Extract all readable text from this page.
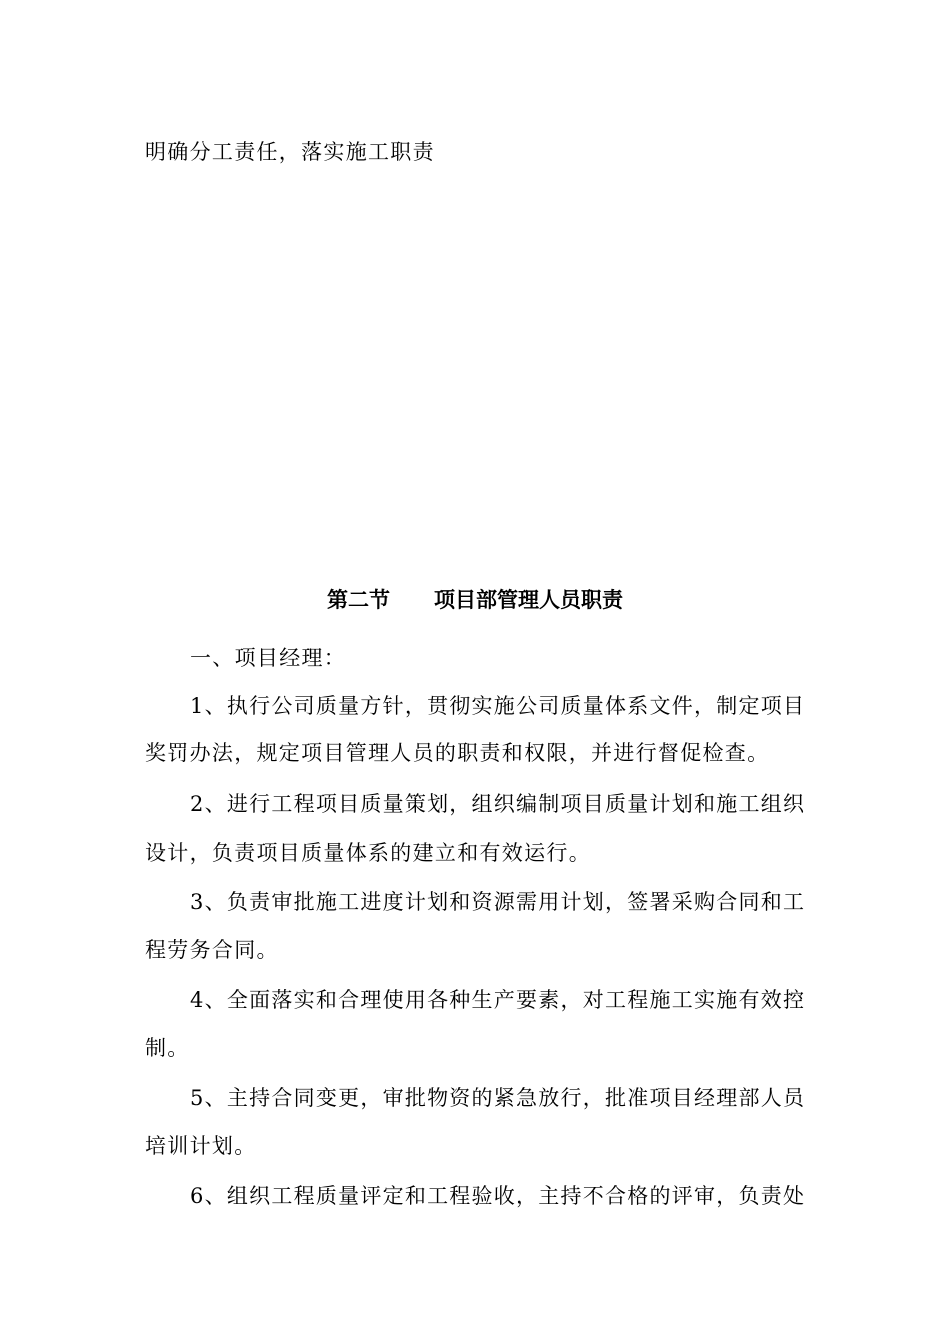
明确分工责任，落实施工职责
第二节 项目部管理人员职责
一、项目经理：
1、执行公司质量方针，贯彻实施公司质量体系文件，制定项目
奖罚办法，规定项目管理人员的职责和权限，并进行督促检查。
2、进行工程项目质量策划，组织编制项目质量计划和施工组织
设计，负责项目质量体系的建立和有效运行。
3、负责审批施工进度计划和资源需用计划，签署采购合同和工
程劳务合同。
4、全面落实和合理使用各种生产要素，对工程施工实施有效控
制。
5、主持合同变更，审批物资的紧急放行，批准项目经理部人员
培训计划。
6、组织工程质量评定和工程验收，主持不合格的评审，负责处
